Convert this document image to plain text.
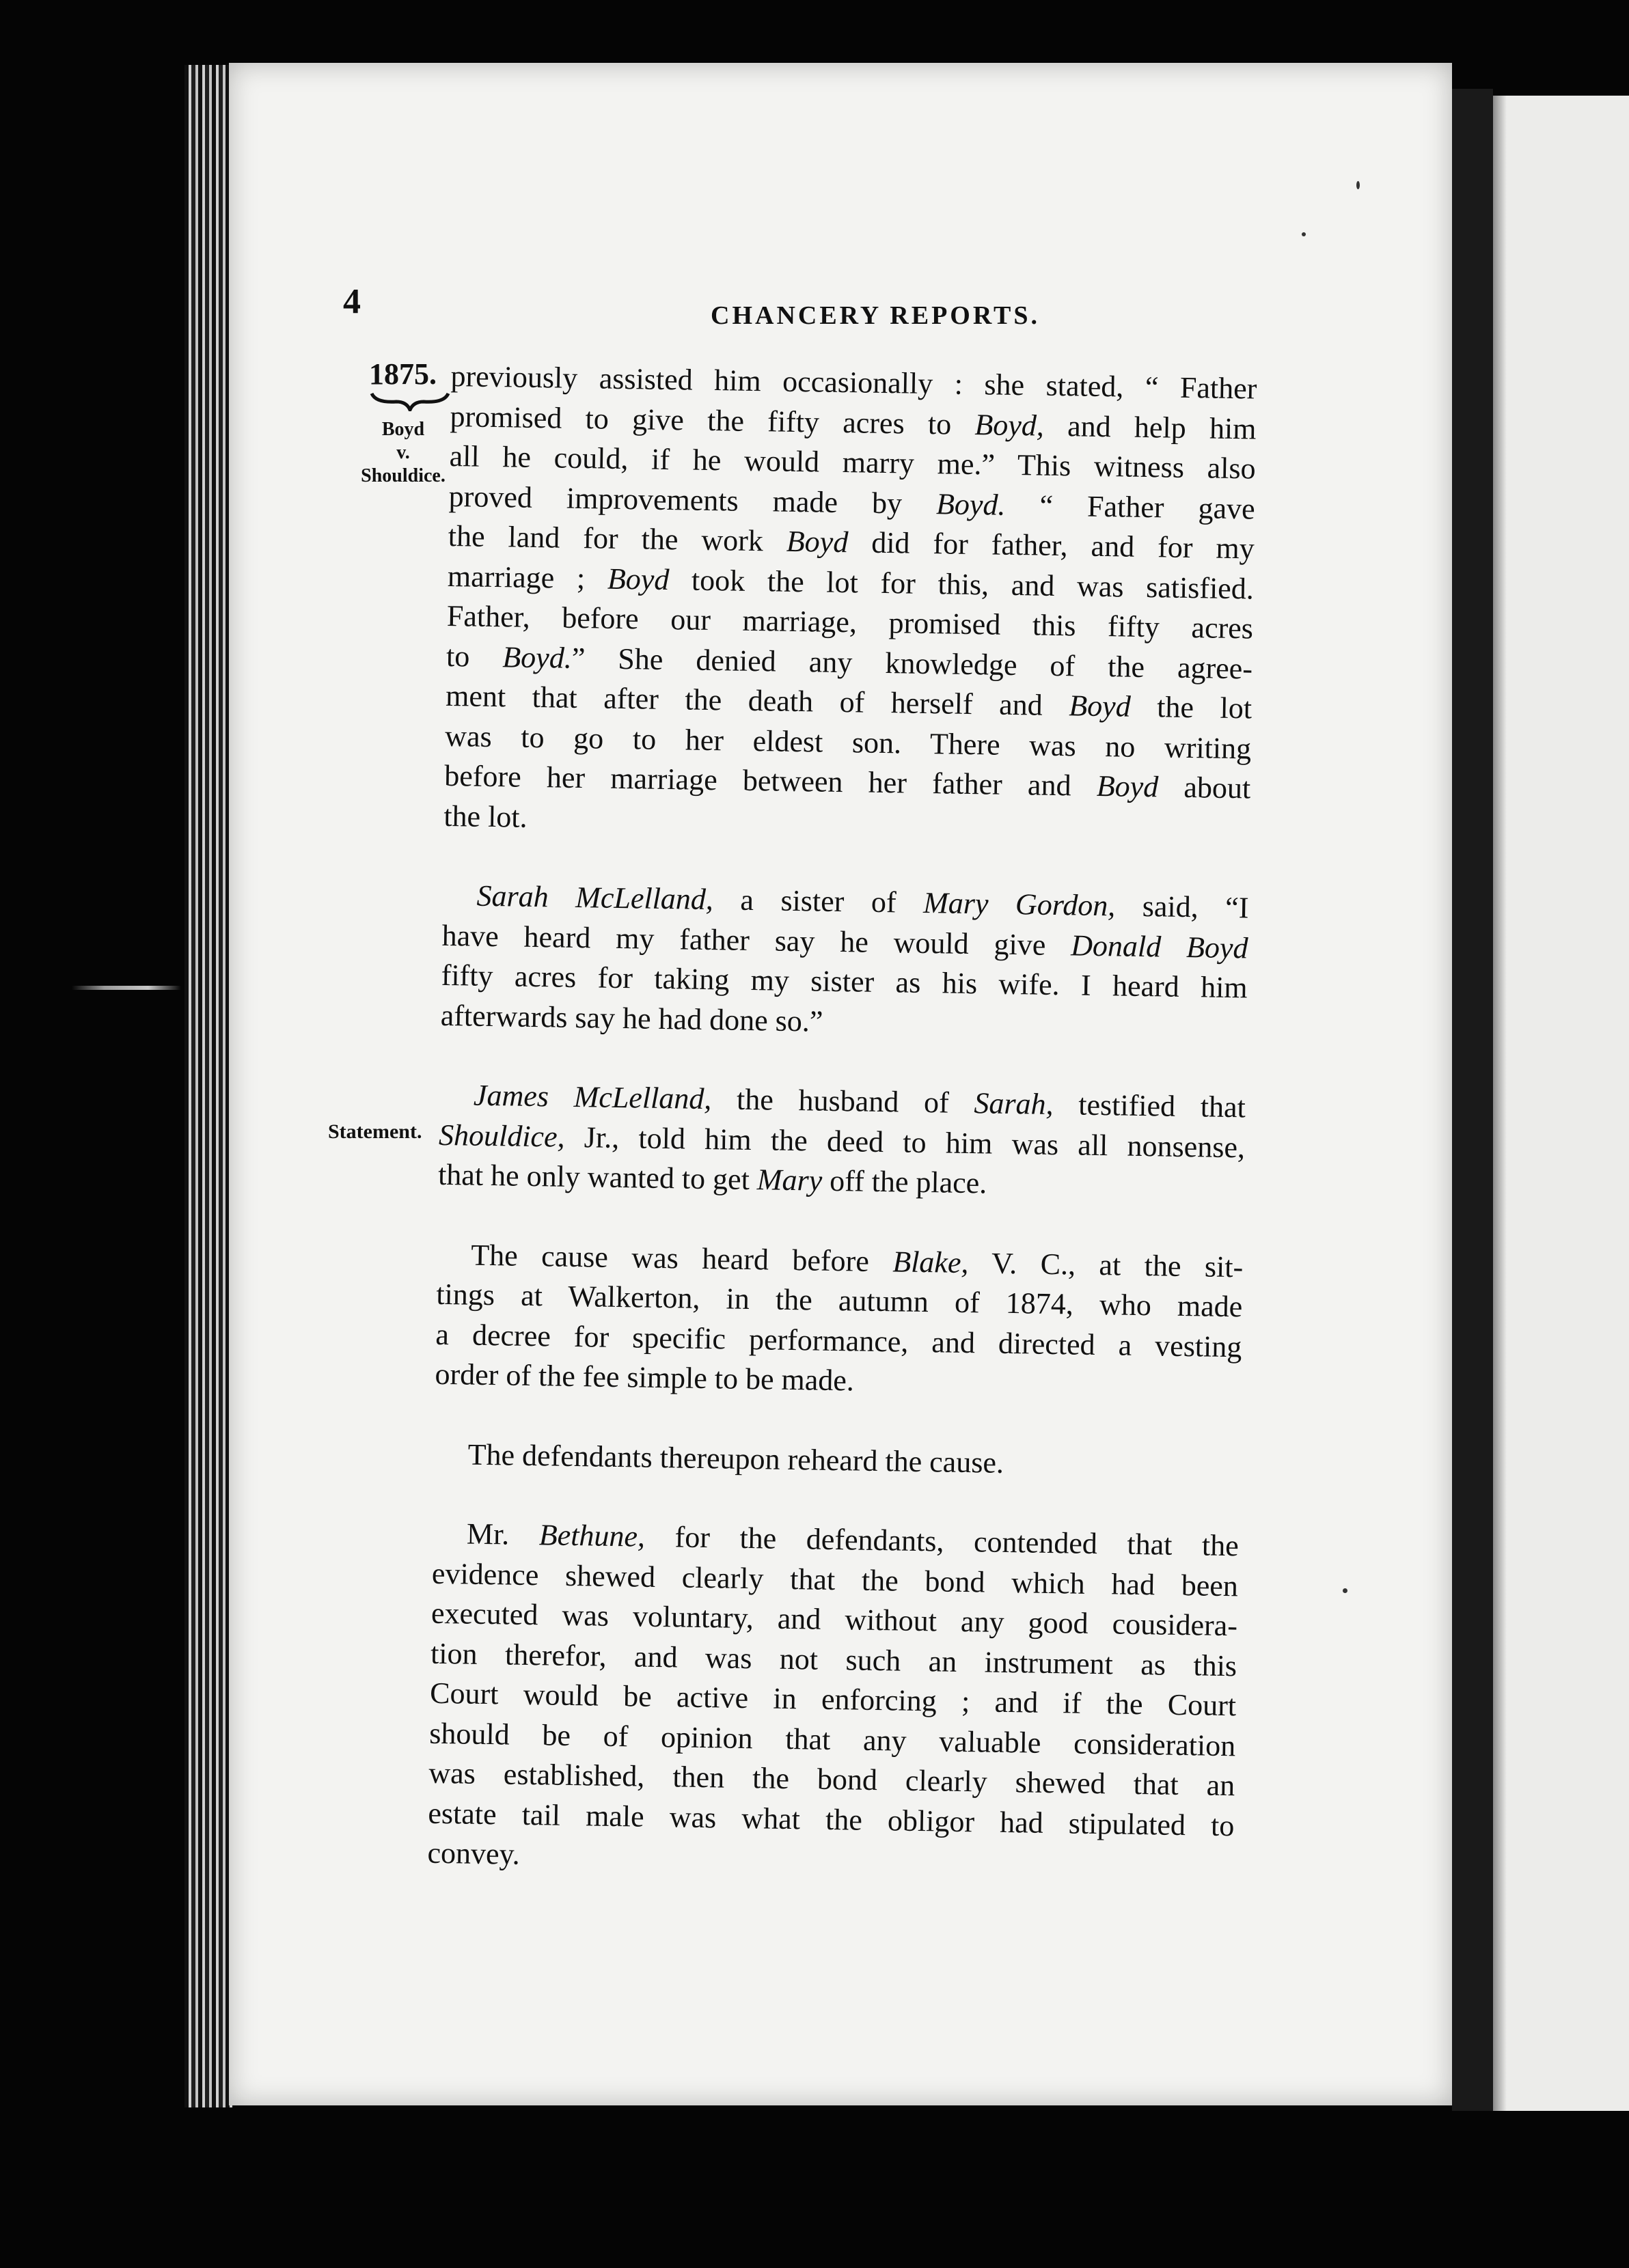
4	CHANCERY REPORTS.
1875.
Boyd
v.
Shouldice.
Statement.
previously assisted him occasionally : she stated, “ Father
promised to give the fifty acres to Boyd, and help him
all he could, if he would marry me.” This witness also
proved improvements made by Boyd. “ Father gave
the land for the work Boyd did for father, and for my
marriage ; Boyd took the lot for this, and was satisfied.
Father, before our marriage, promised this fifty acres
to Boyd.” She denied any knowledge of the agree-
ment that after the death of herself and Boyd the lot
was to go to her eldest son. There was no writing
before her marriage between her father and Boyd about
the lot.
Sarah McLelland, a sister of Mary Gordon, said, “I
have heard my father say he would give Donald Boyd
fifty acres for taking my sister as his wife. I heard him
afterwards say he had done so.”
James McLelland, the husband of Sarah, testified that
Shouldice, Jr., told him the deed to him was all nonsense,
that he only wanted to get Mary off the place.
The cause was heard before Blake, V. C., at the sit-
tings at Walkerton, in the autumn of 1874, who made
a decree for specific performance, and directed a vesting
order of the fee simple to be made.
The defendants thereupon reheard the cause.
Mr. Bethune, for the defendants, contended that the
evidence shewed clearly that the bond which had been
executed was voluntary, and without any good cousidera-
tion therefor, and was not such an instrument as this
Court would be active in enforcing ; and if the Court
should be of opinion that any valuable consideration
was established, then the bond clearly shewed that an
estate tail male was what the obligor had stipulated to
convey.
